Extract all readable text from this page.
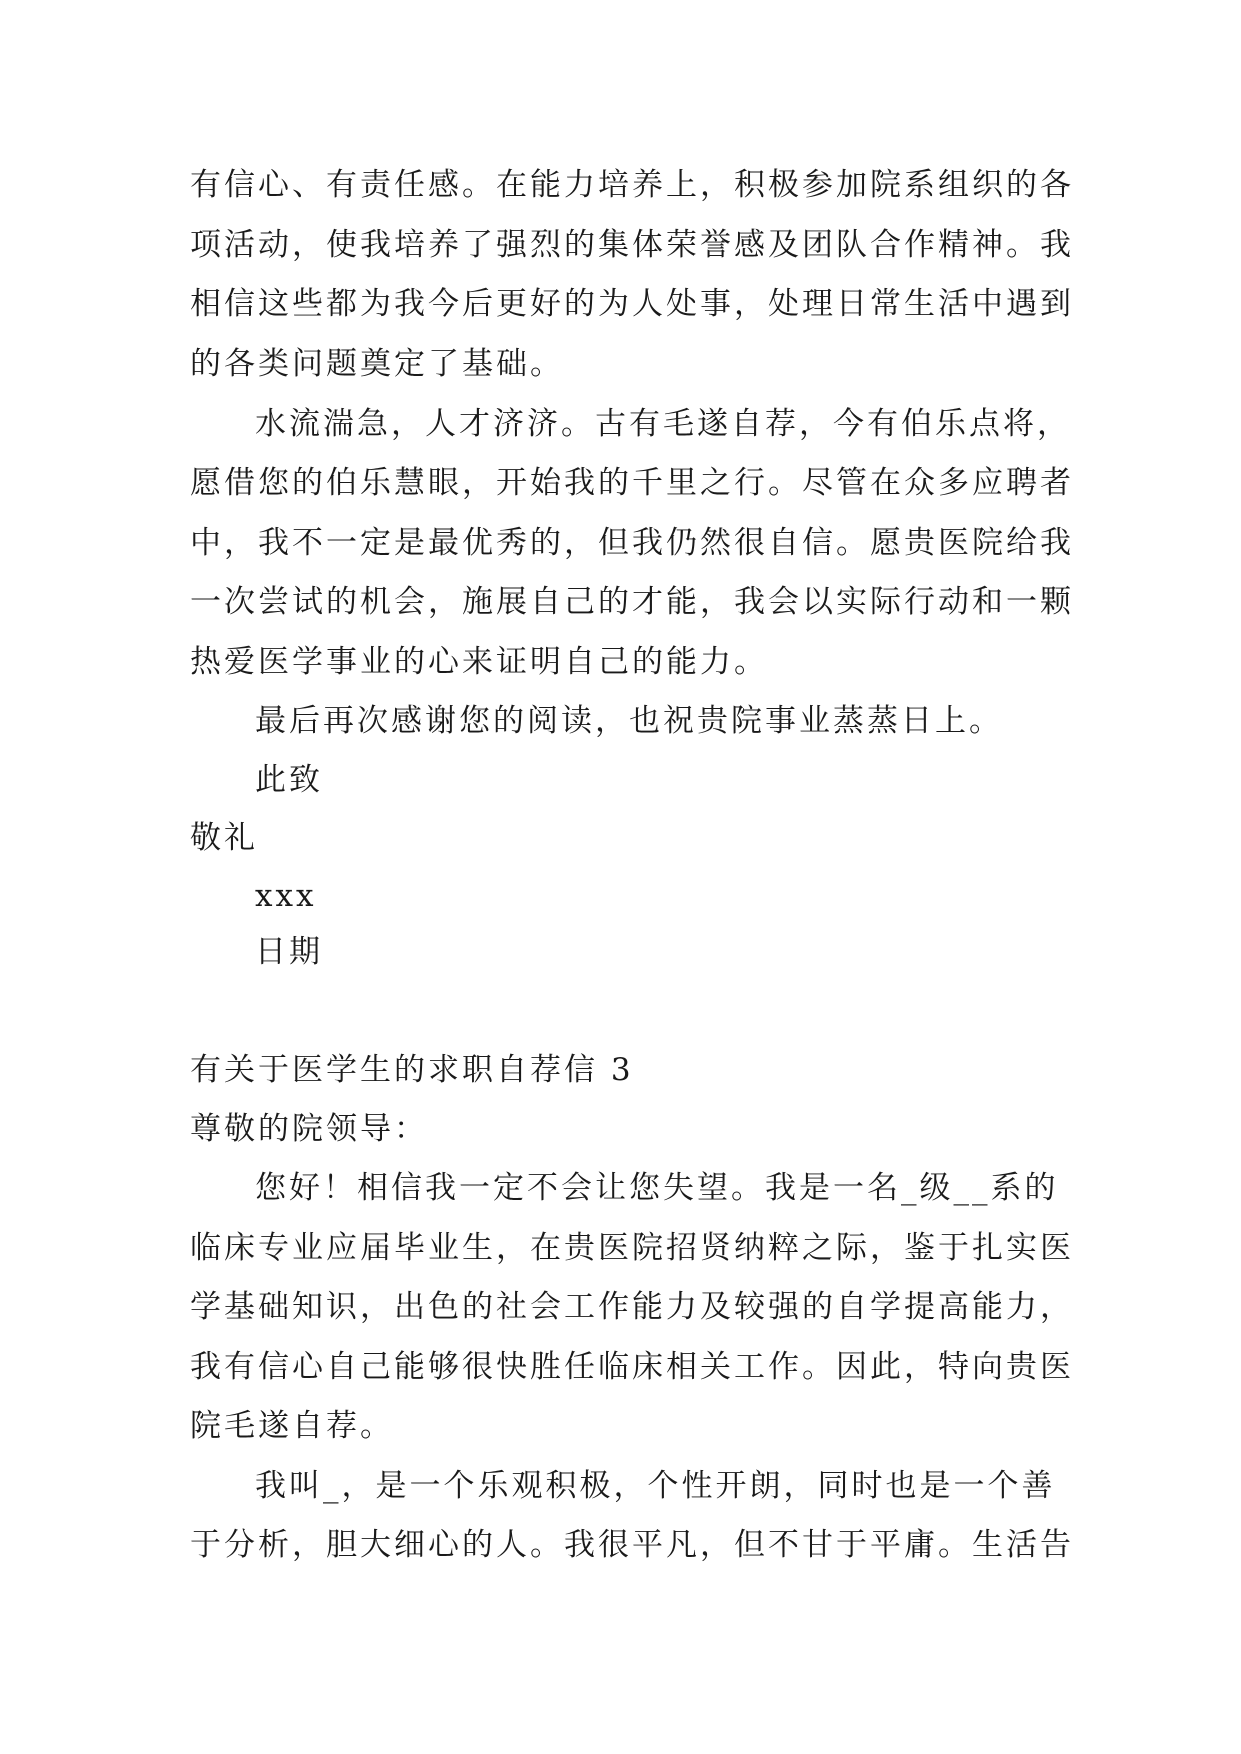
有信心、有责任感。在能力培养上，积极参加院系组织的各
项活动，使我培养了强烈的集体荣誉感及团队合作精神。我
相信这些都为我今后更好的为人处事，处理日常生活中遇到
的各类问题奠定了基础。
水流湍急，人才济济。古有毛遂自荐，今有伯乐点将，
愿借您的伯乐慧眼，开始我的千里之行。尽管在众多应聘者
中，我不一定是最优秀的，但我仍然很自信。愿贵医院给我
一次尝试的机会，施展自己的才能，我会以实际行动和一颗
热爱医学事业的心来证明自己的能力。
最后再次感谢您的阅读，也祝贵院事业蒸蒸日上。
此致
敬礼
xxx
日期
有关于医学生的求职自荐信 3
尊敬的院领导：
您好！相信我一定不会让您失望。我是一名_级__系的
临床专业应届毕业生，在贵医院招贤纳粹之际，鉴于扎实医
学基础知识，出色的社会工作能力及较强的自学提高能力，
我有信心自己能够很快胜任临床相关工作。因此，特向贵医
院毛遂自荐。
我叫_，是一个乐观积极，个性开朗，同时也是一个善
于分析，胆大细心的人。我很平凡，但不甘于平庸。生活告
